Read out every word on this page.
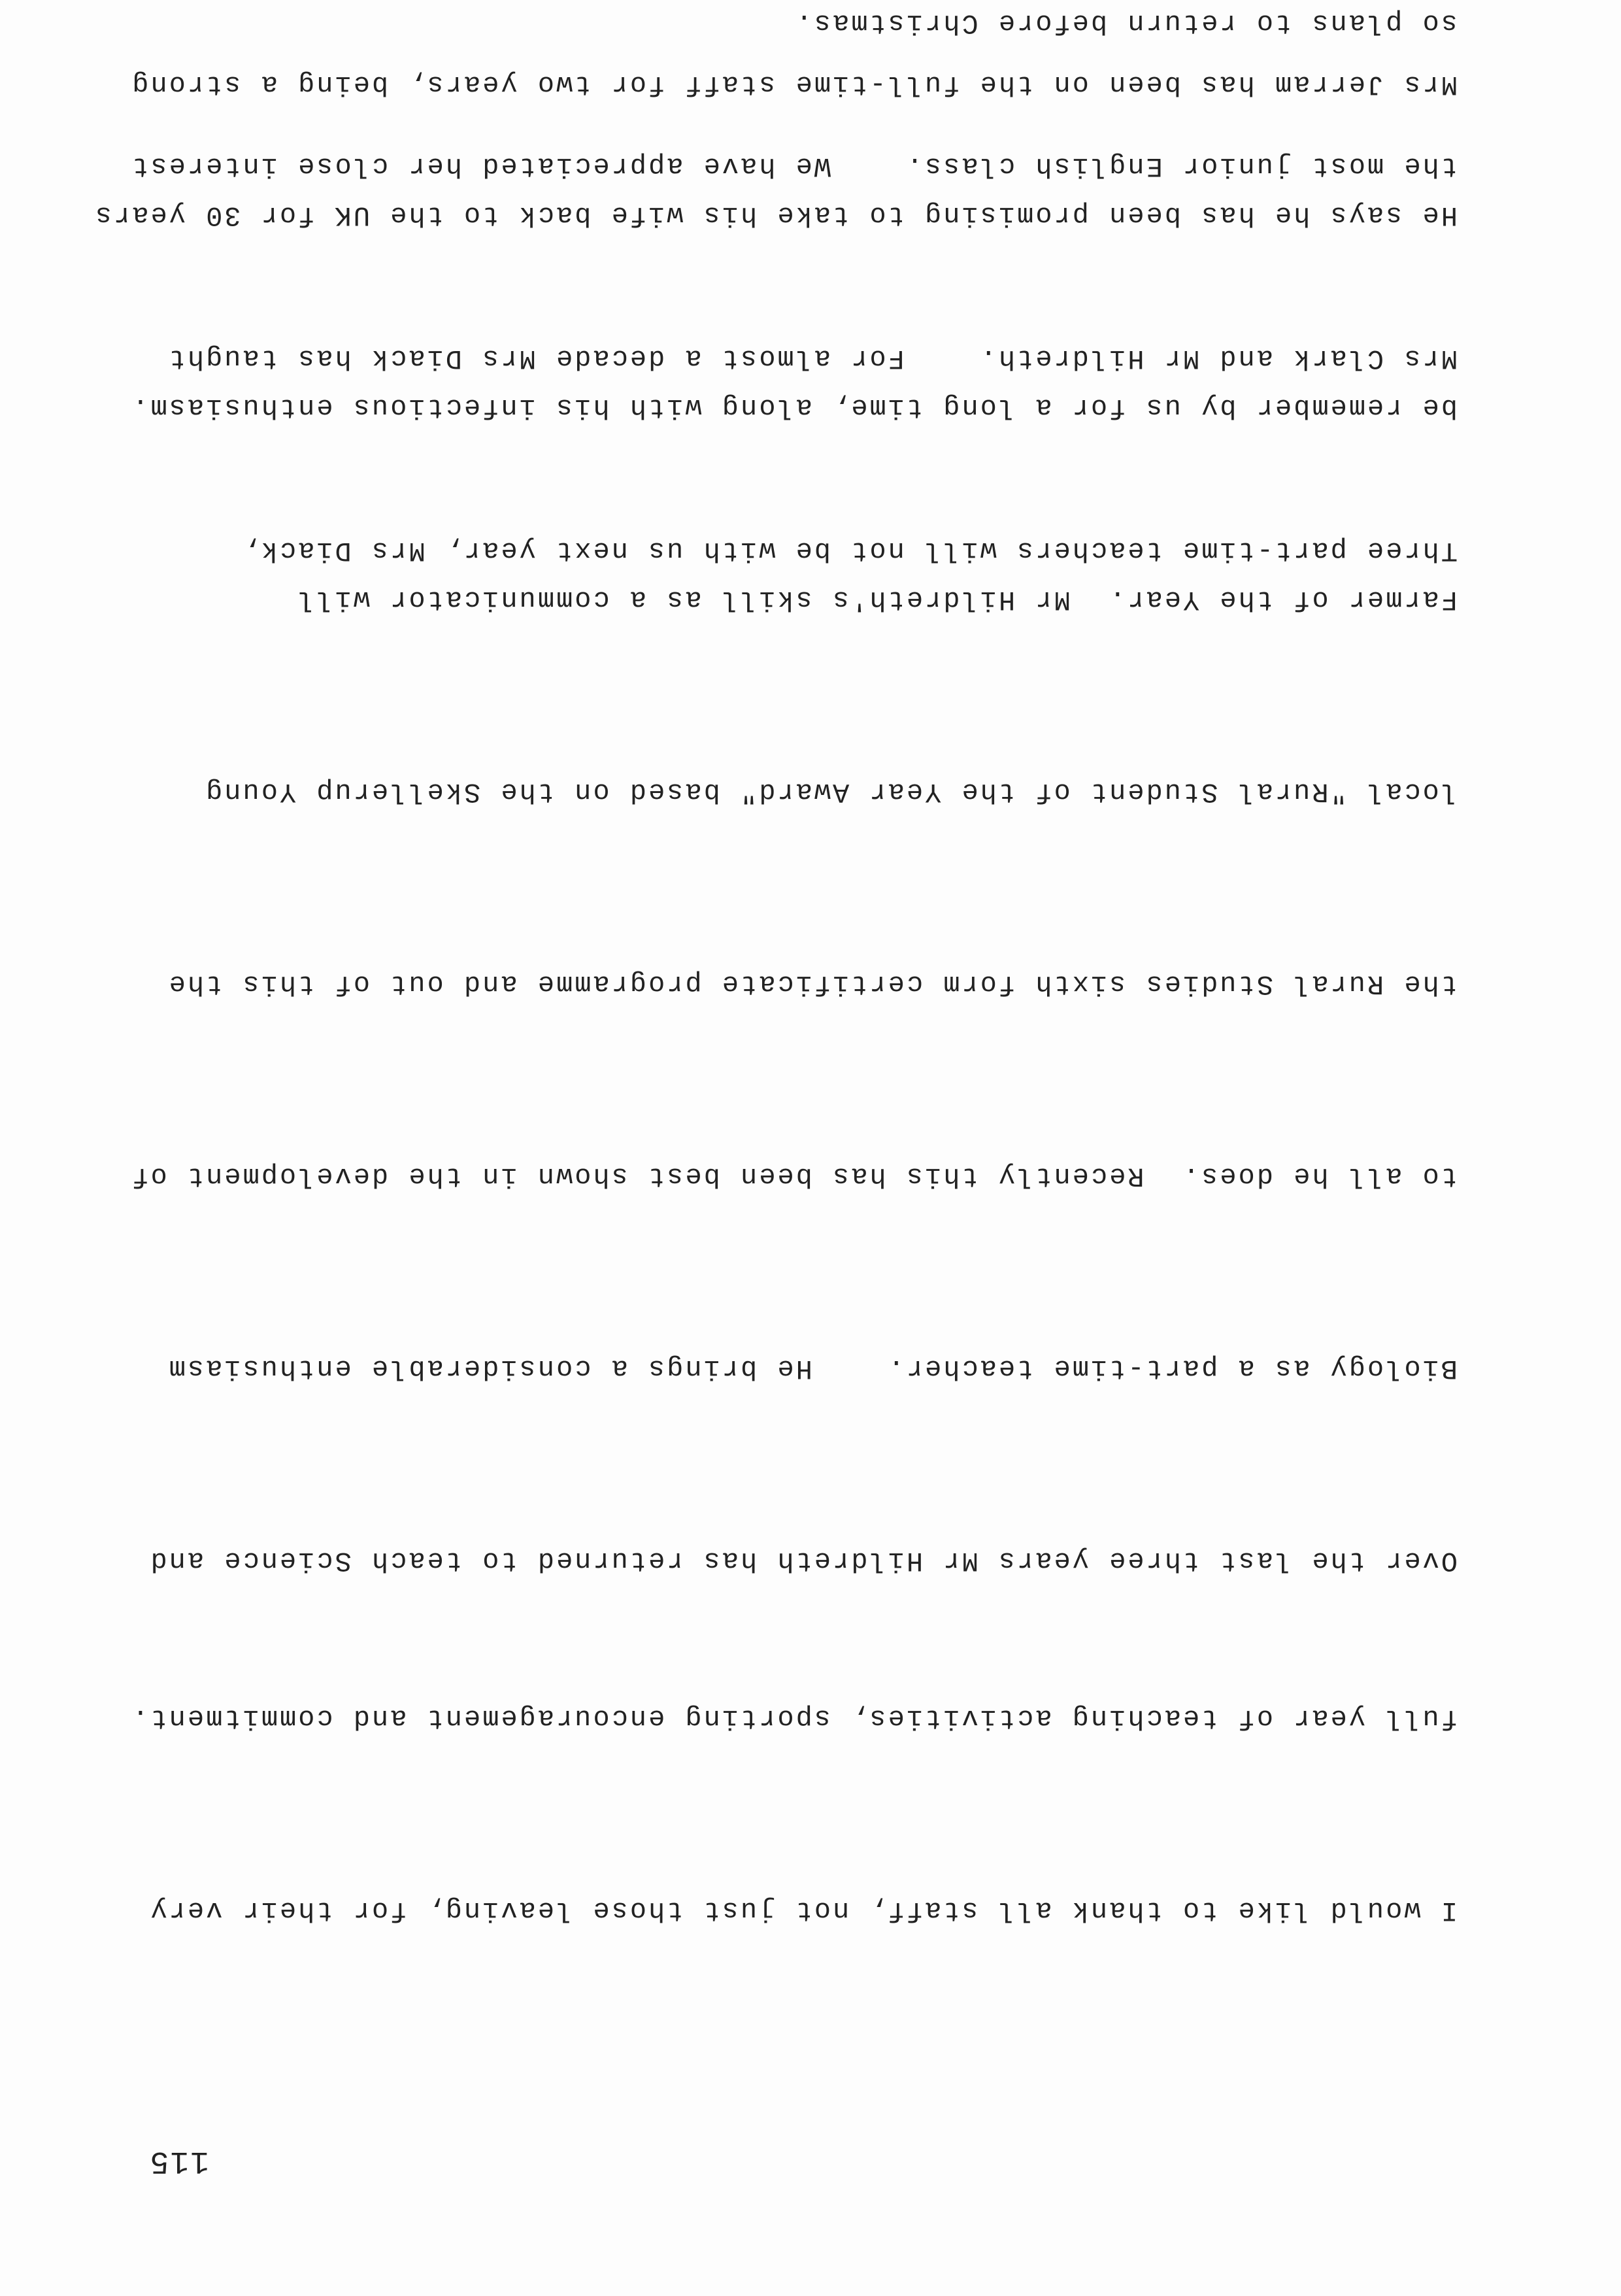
115

I would like to thank all staff, not just those leaving, for their very

full year of teaching activities, sporting encouragement and commitment.

Over the last three years Mr Hildreth has returned to teach Science and

Biology as a part-time teacher.    He brings a considerable enthusiasm

to all he does.  Recently this has been best shown in the development of

the Rural Studies sixth form certificate programme and out of this the

local "Rural Student of the Year Award" based on the Skellerup Young

Farmer of the Year.  Mr Hildreth's skill as a communicator will

be remember by us for a long time, along with his infectious enthusiasm.

He says he has been promising to take his wife back to the UK for 30 years

so plans to return before Christmas.

Three part-time teachers will not be with us next year, Mrs Diack,

Mrs Clark and Mr Hildreth.    For almost a decade Mrs Diack has taught

the most junior English class.    We have appreciated her close interest

Mrs Jerram has been on the full-time staff for two years, being a strong
